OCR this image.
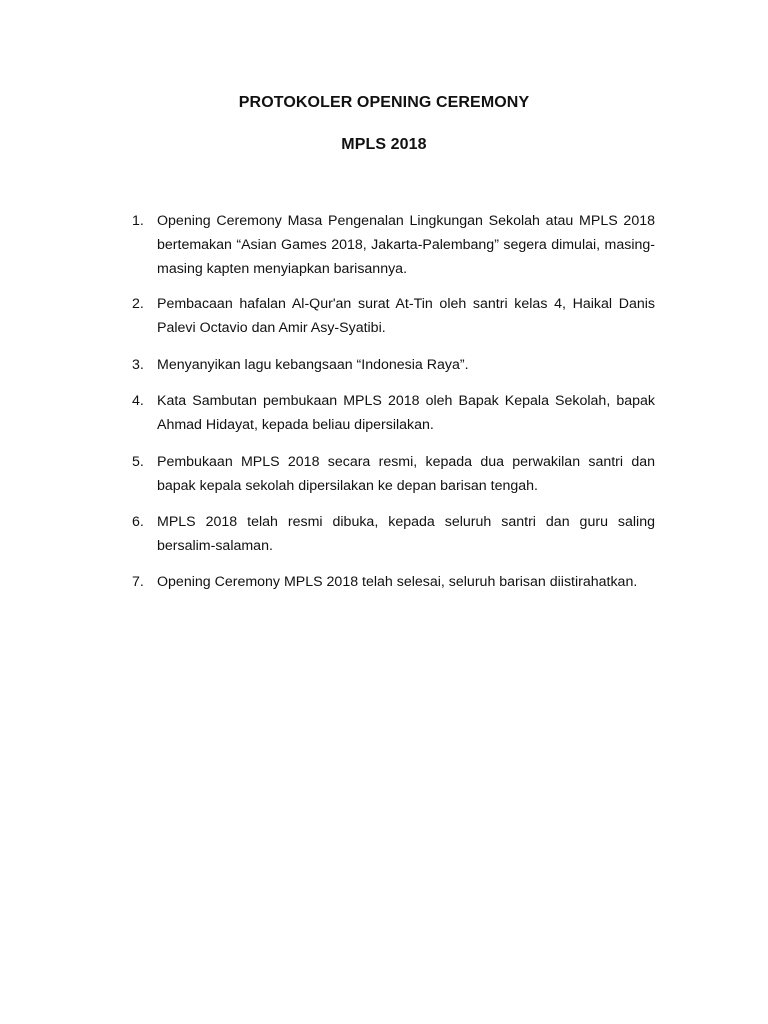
PROTOKOLER OPENING CEREMONY
MPLS 2018
1. Opening Ceremony Masa Pengenalan Lingkungan Sekolah atau MPLS 2018 bertemakan “Asian Games 2018, Jakarta-Palembang” segera dimulai, masing-masing kapten menyiapkan barisannya.
2. Pembacaan hafalan Al-Qur'an surat At-Tin oleh santri kelas 4, Haikal Danis Palevi Octavio dan Amir Asy-Syatibi.
3. Menyanyikan lagu kebangsaan “Indonesia Raya”.
4. Kata Sambutan pembukaan MPLS 2018 oleh Bapak Kepala Sekolah, bapak Ahmad Hidayat, kepada beliau dipersilakan.
5. Pembukaan MPLS 2018 secara resmi, kepada dua perwakilan santri dan bapak kepala sekolah dipersilakan ke depan barisan tengah.
6. MPLS 2018 telah resmi dibuka, kepada seluruh santri dan guru saling bersalim-salaman.
7. Opening Ceremony MPLS 2018 telah selesai, seluruh barisan diistirahatkan.
